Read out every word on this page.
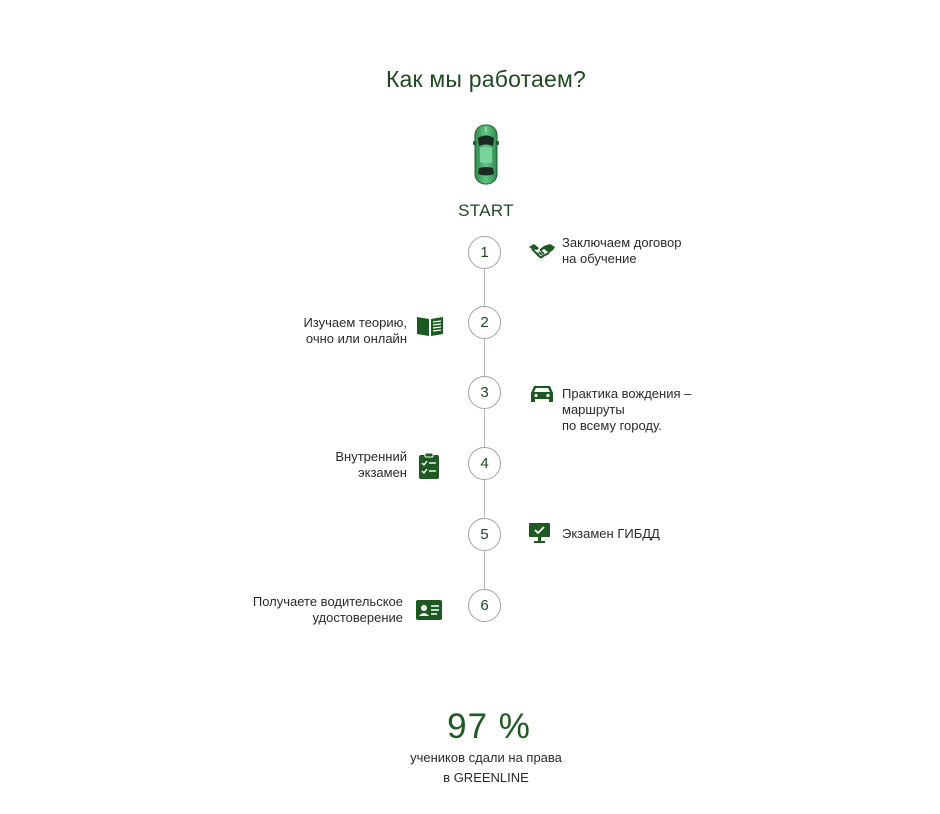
Как мы работаем?
START
1
Заключаем договор
на обучение
2
Изучаем теорию,
очно или онлайн
3	Практика вождения –
маршруты
по всему городу.
4
Внутренний
экзамен
5	Экзамен ГИБДД
6
Получаете водительское
удостоверение
97 %
учеников сдали на права
в GREENLINE
